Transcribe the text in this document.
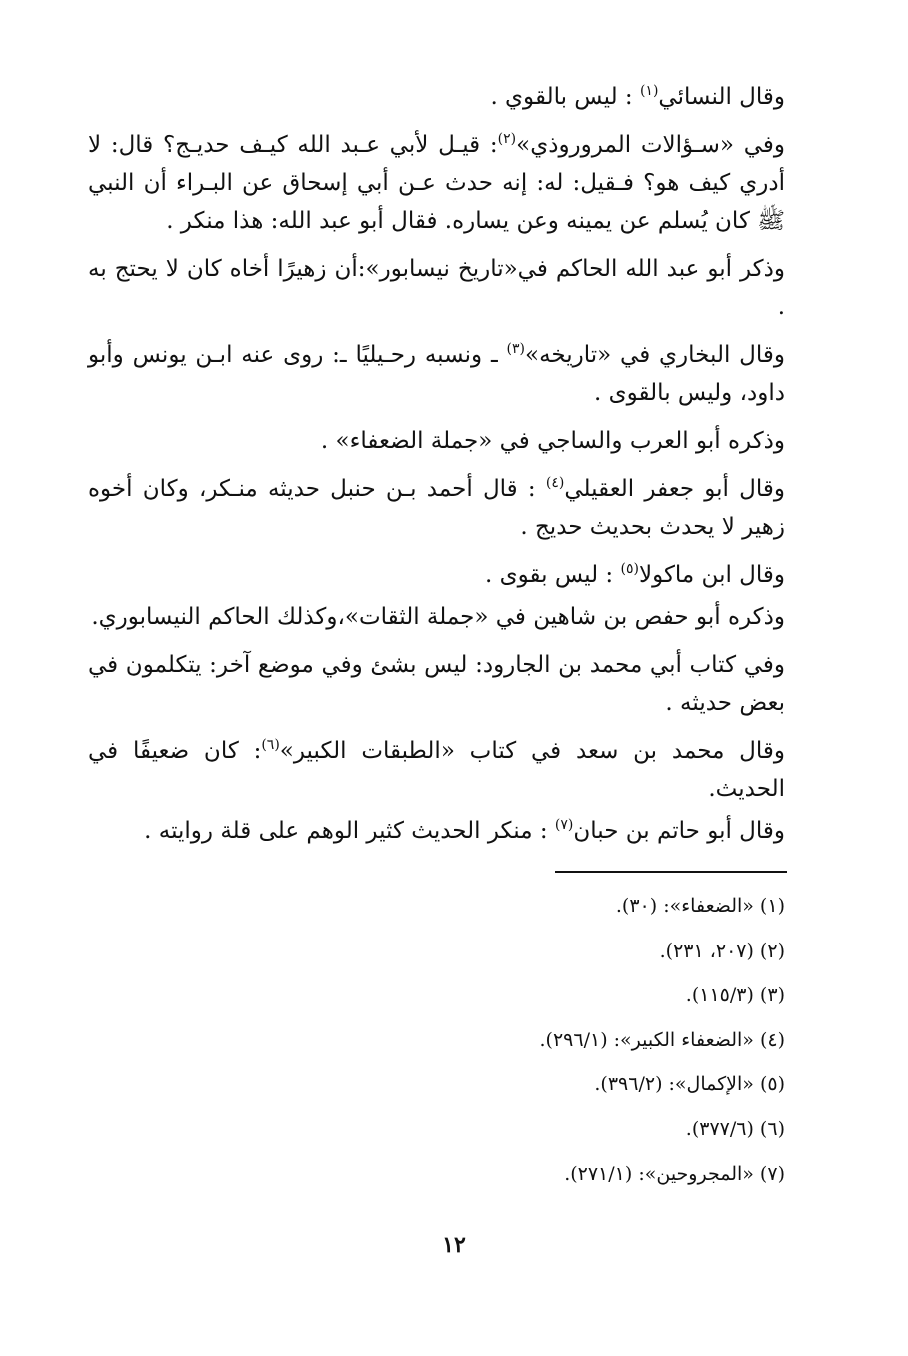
وقال النسائي$^{(١)}$ : ليس بالقوي .

وفي «سـؤالات المروروذي»$^{(٢)}$: قيـل لأبي عـبد الله كيـف حديـج؟ قال: لا أدري كيف هو؟ فـقيل: له: إنه حدث عـن أبي إسحاق عن البـراء أن النبي ﷺ كان يُسلم عن يمينه وعن يساره. فقال أبو عبد الله: هذا منكر .

وذكر أبو عبد الله الحاكم في«تاريخ نيسابور»:أن زهيرًا أخاه كان لا يحتج به .

وقال البخاري في «تاريخه»$^{(٣)}$ ـ ونسبه رحـيليًا ـ: روى عنه ابـن يونس وأبو داود، وليس بالقوى .

وذكره أبو العرب والساجي في «جملة الضعفاء» .

وقال أبو جعفر العقيلي$^{(٤)}$ : قال أحمد بـن حنبل حديثه منـكر، وكان أخوه زهير لا يحدث بحديث حديج .

وقال ابن ماكولا$^{(٥)}$ : ليس بقوى .

وذكره أبو حفص بن شاهين في «جملة الثقات»،وكذلك الحاكم النيسابوري.

وفي كتاب أبي محمد بن الجارود: ليس بشئ وفي موضع آخر: يتكلمون في بعض حديثه .

وقال محمد بن سعد في كتاب «الطبقات الكبير»$^{(٦)}$: كان ضعيفًا في الحديث.

وقال أبو حاتم بن حبان$^{(٧)}$ : منكر الحديث كثير الوهم على قلة روايته .

(١) «الضعفاء»: (٣٠).
(٢) (٢٠٧، ٢٣١).
(٣) (١١٥/٣).
(٤) «الضعفاء الكبير»: (٢٩٦/١).
(٥) «الإكمال»: (٣٩٦/٢).
(٦) (٣٧٧/٦).
(٧) «المجروحين»: (٢٧١/١).
١٢
